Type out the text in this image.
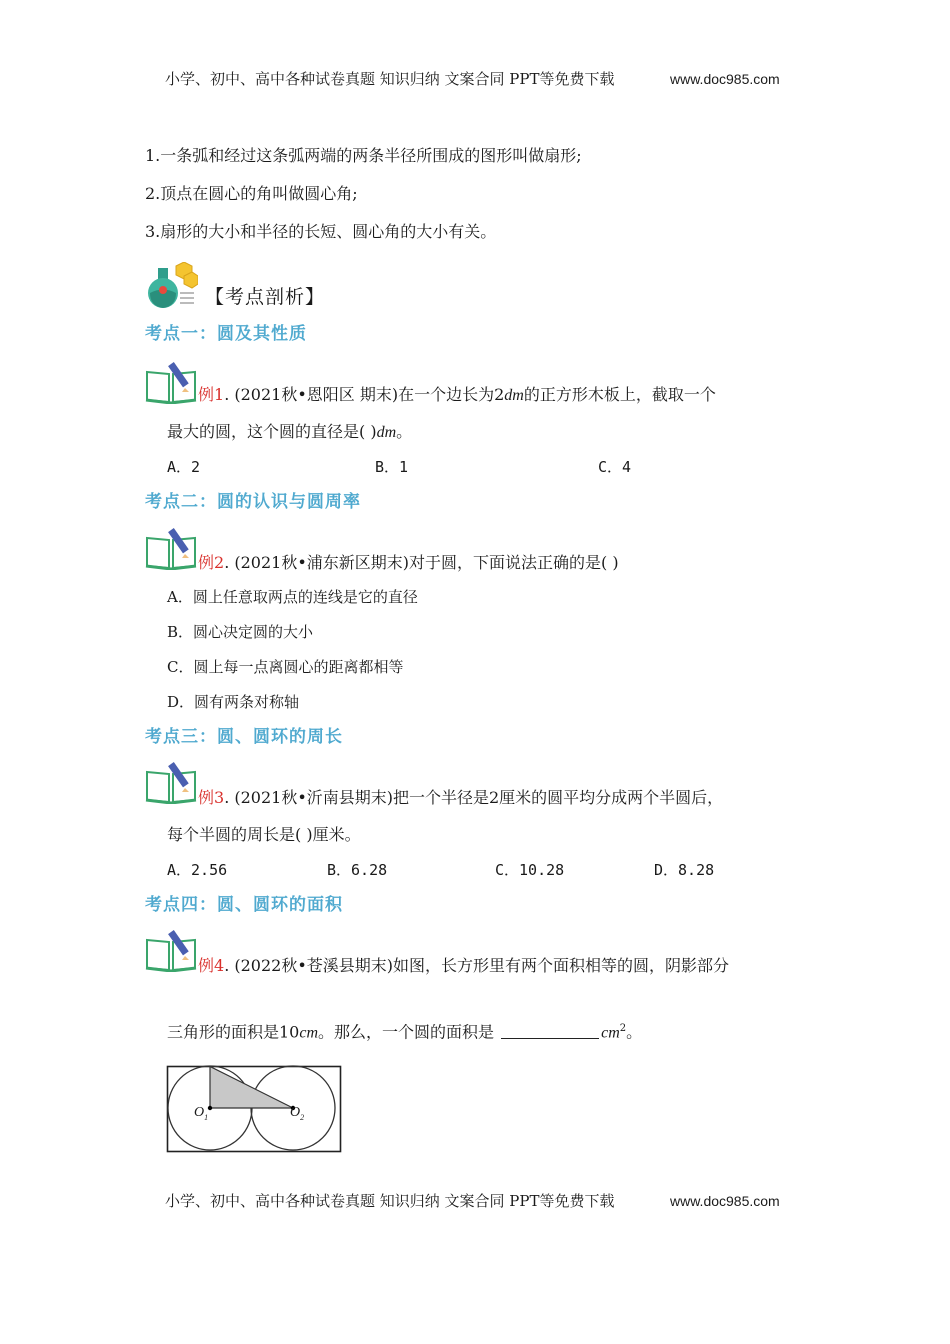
小学、初中、高中各种试卷真题 知识归纳 文案合同 PPT等免费下载	www.doc985.com
1.一条弧和经过这条弧两端的两条半径所围成的图形叫做扇形;
2.顶点在圆心的角叫做圆心角;
3.扇形的大小和半径的长短、圆心角的大小有关。
【考点剖析】
考点一：圆及其性质
例1. (2021秋•恩阳区 期末)在一个边长为2dm的正方形木板上，截取一个
最大的圆，这个圆的直径是( )dm。
A．2	B．1	C．4
考点二：圆的认识与圆周率
例2. (2021秋•浦东新区期末)对于圆，下面说法正确的是( )
A．圆上任意取两点的连线是它的直径
B．圆心决定圆的大小
C．圆上每一点离圆心的距离都相等
D．圆有两条对称轴
考点三：圆、圆环的周长
例3. (2021秋•沂南县期末)把一个半径是2厘米的圆平均分成两个半圆后，
每个半圆的周长是( )厘米。
A．2.56	B．6.28	C．10.28	D．8.28
考点四：圆、圆环的面积
例4. (2022秋•苍溪县期末)如图，长方形里有两个面积相等的圆，阴影部分
三角形的面积是10cm。那么，一个圆的面积是	$cm^2$。
$O_1$	$O_2$
小学、初中、高中各种试卷真题 知识归纳 文案合同 PPT等免费下载	www.doc985.com
